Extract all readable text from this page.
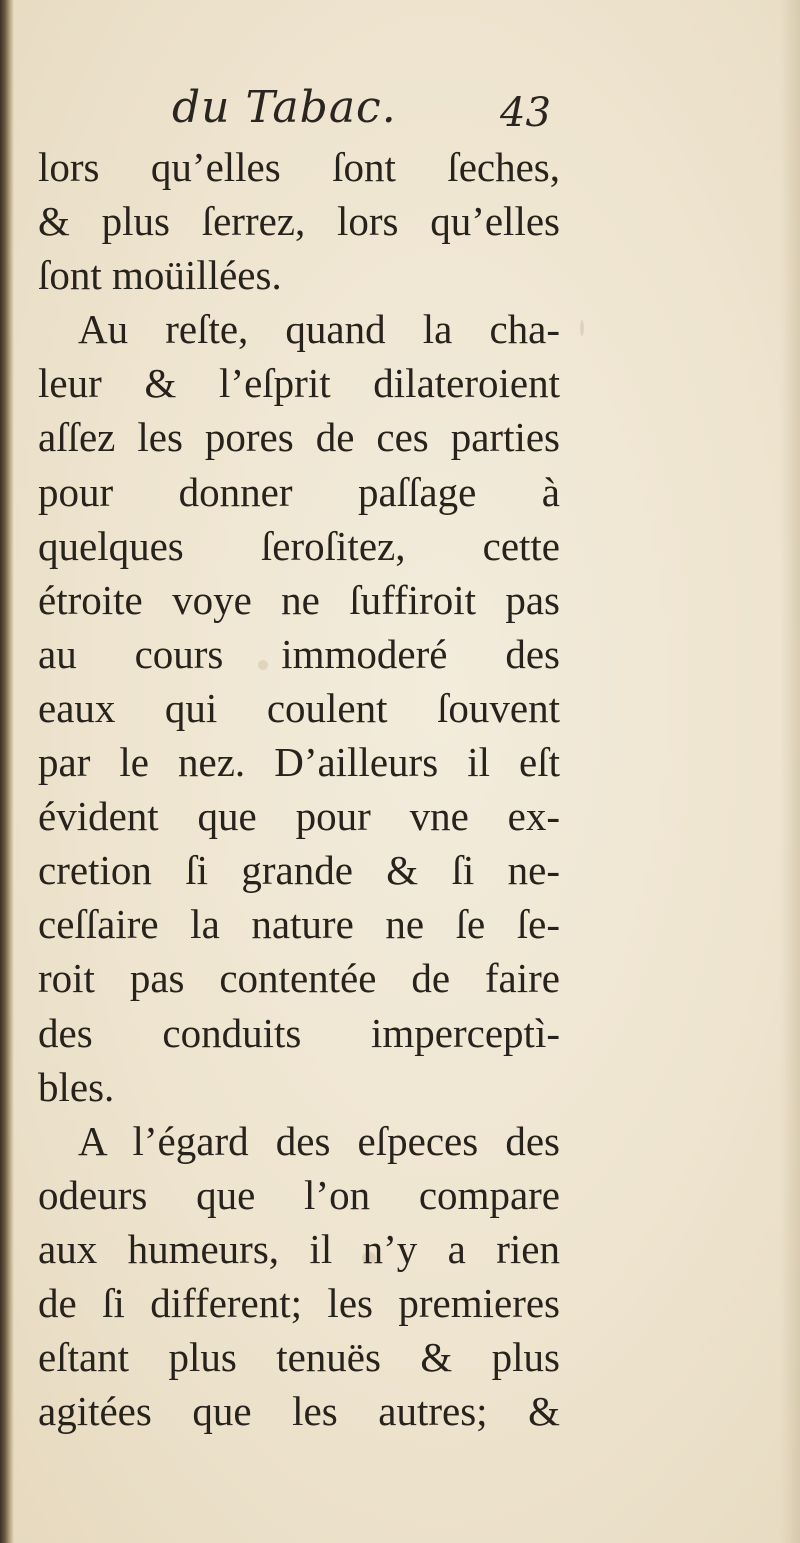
du Tabac.	43
lors qu’elles ſont ſeches,
& plus ſerrez, lors qu’elles
ſont moüillées.
Au reſte, quand la cha-
leur & l’eſprit dilateroient
aſſez les pores de ces parties
pour donner paſſage à
quelques ſeroſitez, cette
étroite voye ne ſuffiroit pas
au cours immoderé des
eaux qui coulent ſouvent
par le nez. D’ailleurs il eſt
évident que pour vne ex-
cretion ſi grande & ſi ne-
ceſſaire la nature ne ſe ſe-
roit pas contentée de faire
des conduits imperceptì-
bles.
A l’égard des eſpeces des
odeurs que l’on compare
aux humeurs, il n’y a rien
de ſi different; les premieres
eſtant plus tenuës & plus
agitées que les autres; &
